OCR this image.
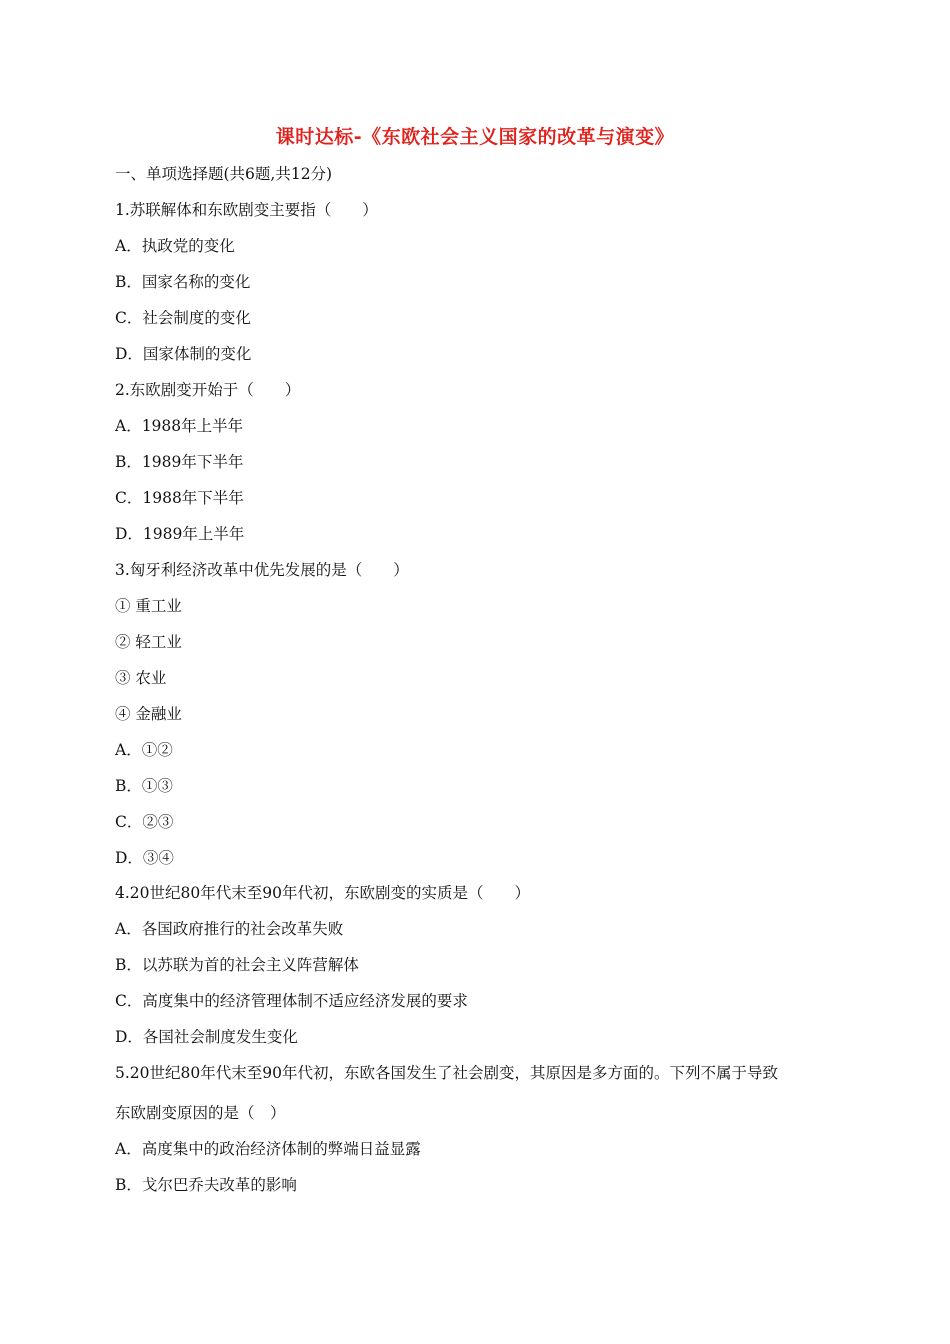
课时达标-《东欧社会主义国家的改革与演变》
一、单项选择题(共6题,共12分)
1.苏联解体和东欧剧变主要指（　　）
A．执政党的变化
B．国家名称的变化
C．社会制度的变化
D．国家体制的变化
2.东欧剧变开始于（　　）
A．1988年上半年
B．1989年下半年
C．1988年下半年
D．1989年上半年
3.匈牙利经济改革中优先发展的是（　　）
① 重工业
② 轻工业
③ 农业
④ 金融业
A．①②
B．①③
C．②③
D．③④
4.20世纪80年代末至90年代初，东欧剧变的实质是（　　）
A．各国政府推行的社会改革失败
B．以苏联为首的社会主义阵营解体
C．高度集中的经济管理体制不适应经济发展的要求
D．各国社会制度发生变化
5.20世纪80年代末至90年代初，东欧各国发生了社会剧变，其原因是多方面的。下列不属于导致
东欧剧变原因的是（　）
A．高度集中的政治经济体制的弊端日益显露
B．戈尔巴乔夫改革的影响
